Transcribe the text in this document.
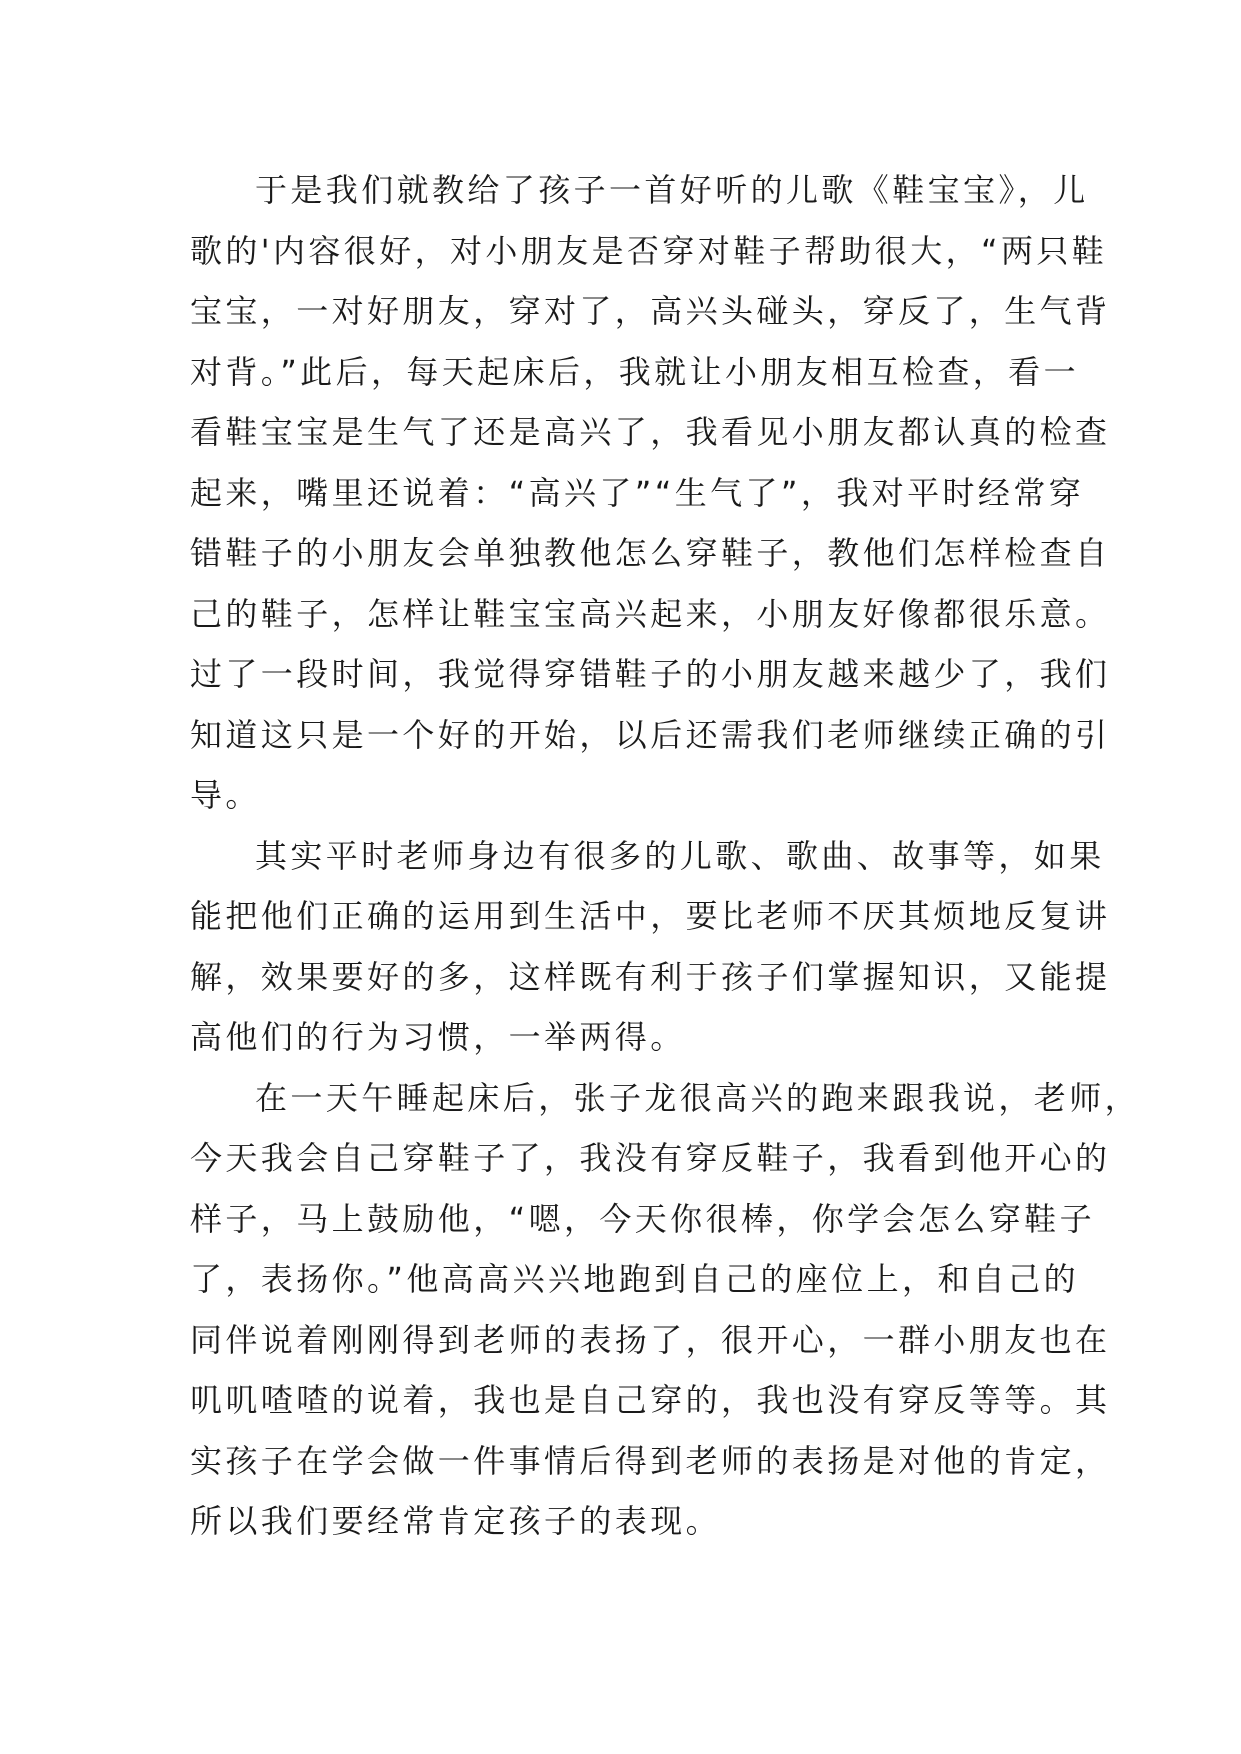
于是我们就教给了孩子一首好听的儿歌《鞋宝宝》，儿
歌的'内容很好，对小朋友是否穿对鞋子帮助很大，“两只鞋
宝宝，一对好朋友，穿对了，高兴头碰头，穿反了，生气背
对背。”此后，每天起床后，我就让小朋友相互检查，看一
看鞋宝宝是生气了还是高兴了，我看见小朋友都认真的检查
起来，嘴里还说着：“高兴了”“生气了”，我对平时经常穿
错鞋子的小朋友会单独教他怎么穿鞋子，教他们怎样检查自
己的鞋子，怎样让鞋宝宝高兴起来，小朋友好像都很乐意。
过了一段时间，我觉得穿错鞋子的小朋友越来越少了，我们
知道这只是一个好的开始，以后还需我们老师继续正确的引
导。
其实平时老师身边有很多的儿歌、歌曲、故事等，如果
能把他们正确的运用到生活中，要比老师不厌其烦地反复讲
解，效果要好的多，这样既有利于孩子们掌握知识，又能提
高他们的行为习惯，一举两得。
在一天午睡起床后，张子龙很高兴的跑来跟我说，老师，
今天我会自己穿鞋子了，我没有穿反鞋子，我看到他开心的
样子，马上鼓励他，“嗯，今天你很棒，你学会怎么穿鞋子
了，表扬你。”他高高兴兴地跑到自己的座位上，和自己的
同伴说着刚刚得到老师的表扬了，很开心，一群小朋友也在
叽叽喳喳的说着，我也是自己穿的，我也没有穿反等等。其
实孩子在学会做一件事情后得到老师的表扬是对他的肯定，
所以我们要经常肯定孩子的表现。
